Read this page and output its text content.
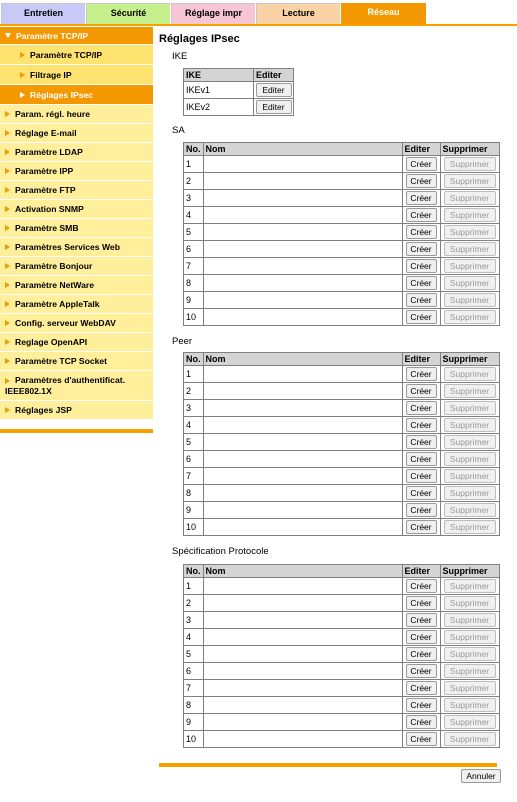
Entretien	Sécurité	Réglage impr	Lecture	Réseau
Paramètre TCP/IP
Paramètre TCP/IP
Filtrage IP
Réglages IPsec
Param. régl. heure
Réglage E-mail
Paramètre LDAP
Paramètre IPP
Paramètre FTP
Activation SNMP
Paramètre SMB
Paramètres Services Web
Paramètre Bonjour
Paramètre NetWare
Paramètre AppleTalk
Config. serveur WebDAV
Reglage OpenAPI
Paramètre TCP Socket
Paramètres d'authentificat.
IEEE802.1X
Réglages JSP
Réglages IPsec
IKE
IKE	Editer
IKEv1	Editer
IKEv2	Editer
SA
No.	Nom	Editer	Supprimer
1		Créer	Supprimer
2		Créer	Supprimer
3		Créer	Supprimer
4		Créer	Supprimer
5		Créer	Supprimer
6		Créer	Supprimer
7		Créer	Supprimer
8		Créer	Supprimer
9		Créer	Supprimer
10		Créer	Supprimer
Peer
No.	Nom	Editer	Supprimer
1		Créer	Supprimer
2		Créer	Supprimer
3		Créer	Supprimer
4		Créer	Supprimer
5		Créer	Supprimer
6		Créer	Supprimer
7		Créer	Supprimer
8		Créer	Supprimer
9		Créer	Supprimer
10		Créer	Supprimer
Spécification Protocole
No.	Nom	Editer	Supprimer
1		Créer	Supprimer
2		Créer	Supprimer
3		Créer	Supprimer
4		Créer	Supprimer
5		Créer	Supprimer
6		Créer	Supprimer
7		Créer	Supprimer
8		Créer	Supprimer
9		Créer	Supprimer
10		Créer	Supprimer
Annuler
